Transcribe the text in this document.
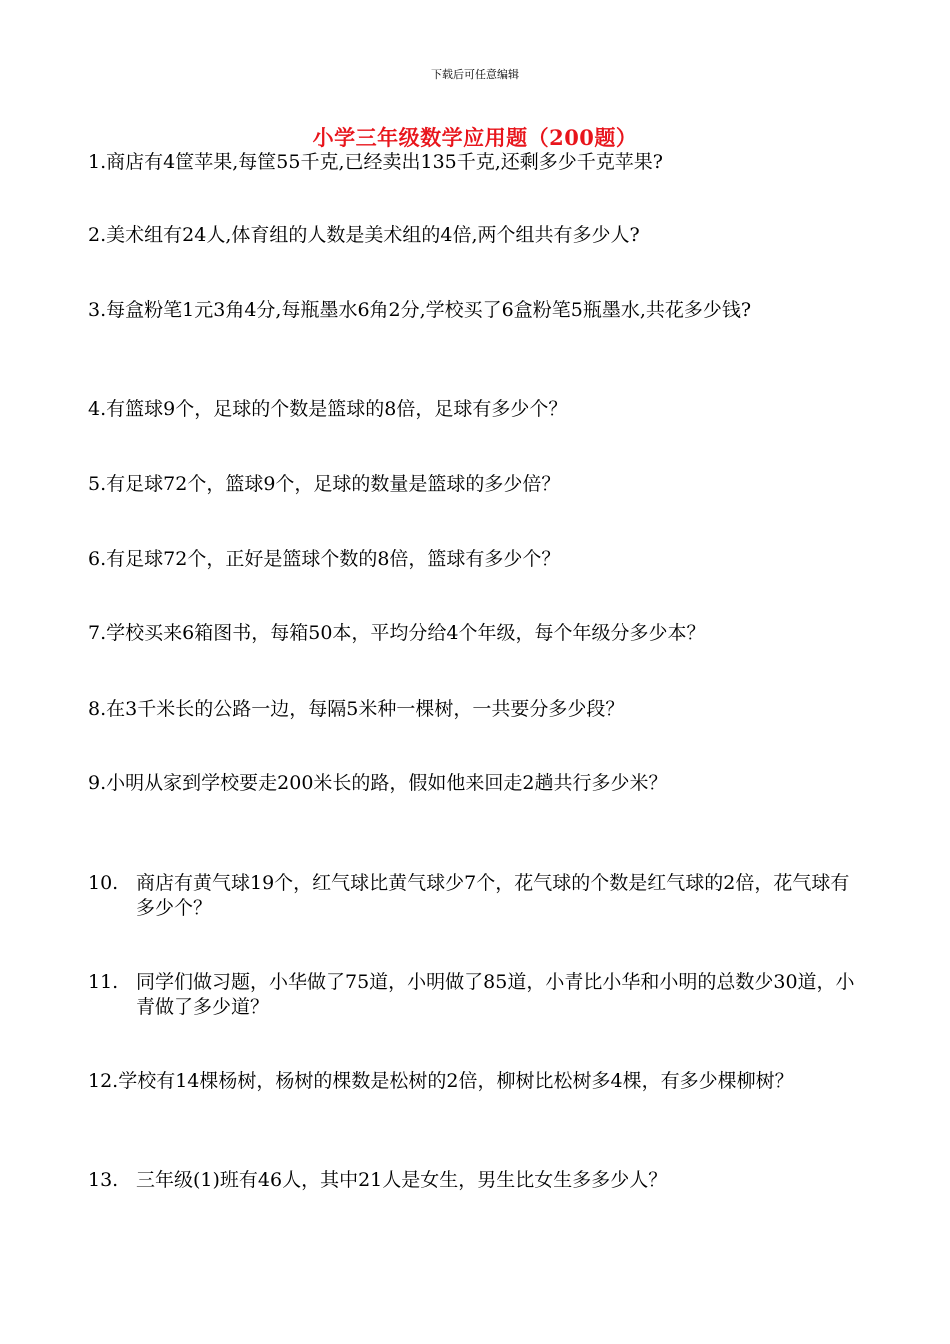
下载后可任意编辑
小学三年级数学应用题（200题）
1.商店有4筐苹果,每筐55千克,已经卖出135千克,还剩多少千克苹果?
2.美术组有24人,体育组的人数是美术组的4倍,两个组共有多少人?
3.每盒粉笔1元3角4分,每瓶墨水6角2分,学校买了6盒粉笔5瓶墨水,共花多少钱?
4.有篮球9个，足球的个数是篮球的8倍，足球有多少个？
5.有足球72个，篮球9个，足球的数量是篮球的多少倍？
6.有足球72个，正好是篮球个数的8倍，篮球有多少个？
7.学校买来6箱图书，每箱50本，平均分给4个年级，每个年级分多少本？
8.在3千米长的公路一边，每隔5米种一棵树，一共要分多少段？
9.小明从家到学校要走200米长的路，假如他来回走2趟共行多少米？
10.商店有黄气球19个，红气球比黄气球少7个，花气球的个数是红气球的2倍，花气球有多少个？
11.同学们做习题，小华做了75道，小明做了85道，小青比小华和小明的总数少30道，小青做了多少道？
12.学校有14棵杨树，杨树的棵数是松树的2倍，柳树比松树多4棵，有多少棵柳树？
13.三年级(1)班有46人，其中21人是女生，男生比女生多多少人？
